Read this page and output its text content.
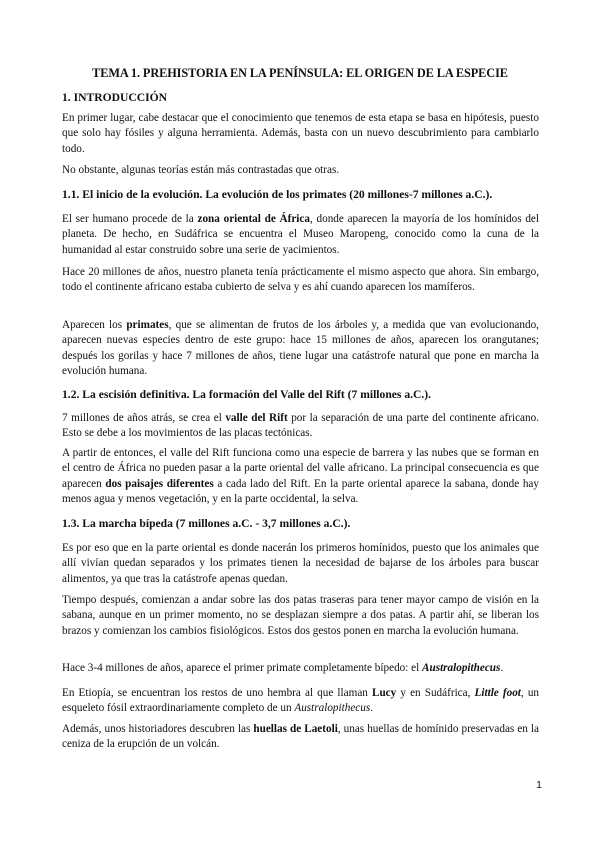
TEMA 1. PREHISTORIA EN LA PENÍNSULA: EL ORIGEN DE LA ESPECIE
1. INTRODUCCIÓN

En primer lugar, cabe destacar que el conocimiento que tenemos de esta etapa se basa en hipótesis, puesto que solo hay fósiles y alguna herramienta. Además, basta con un nuevo descubrimiento para cambiarlo todo.

No obstante, algunas teorías están más contrastadas que otras.

1.1. El inicio de la evolución. La evolución de los primates (20 millones-7 millones a.C.).

El ser humano procede de la zona oriental de África, donde aparecen la mayoría de los homínidos del planeta. De hecho, en Sudáfrica se encuentra el Museo Maropeng, conocido como la cuna de la humanidad al estar construido sobre una serie de yacimientos.

Hace 20 millones de años, nuestro planeta tenía prácticamente el mismo aspecto que ahora. Sin embargo, todo el continente africano estaba cubierto de selva y es ahí cuando aparecen los mamíferos.

Aparecen los primates, que se alimentan de frutos de los árboles y, a medida que van evolucionando, aparecen nuevas especies dentro de este grupo: hace 15 millones de años, aparecen los orangutanes; después los gorilas y hace 7 millones de años, tiene lugar una catástrofe natural que pone en marcha la evolución humana.

1.2. La escisión definitiva. La formación del Valle del Rift (7 millones a.C.).

7 millones de años atrás, se crea el valle del Rift por la separación de una parte del continente africano. Esto se debe a los movimientos de las placas tectónicas.

A partir de entonces, el valle del Rift funciona como una especie de barrera y las nubes que se forman en el centro de África no pueden pasar a la parte oriental del valle africano. La principal consecuencia es que aparecen dos paisajes diferentes a cada lado del Rift. En la parte oriental aparece la sabana, donde hay menos agua y menos vegetación, y en la parte occidental, la selva.

1.3. La marcha bípeda (7 millones a.C. - 3,7 millones a.C.).

Es por eso que en la parte oriental es donde nacerán los primeros homínidos, puesto que los animales que allí vivían quedan separados y los primates tienen la necesidad de bajarse de los árboles para buscar alimentos, ya que tras la catástrofe apenas quedan.

Tiempo después, comienzan a andar sobre las dos patas traseras para tener mayor campo de visión en la sabana, aunque en un primer momento, no se desplazan siempre a dos patas. A partir ahí, se liberan los brazos y comienzan los cambios fisiológicos. Estos dos gestos ponen en marcha la evolución humana.

Hace 3-4 millones de años, aparece el primer primate completamente bípedo: el Australopithecus.

En Etiopía, se encuentran los restos de uno hembra al que llaman Lucy y en Sudáfrica, Little foot, un esqueleto fósil extraordinariamente completo de un Australopithecus.

Además, unos historiadores descubren las huellas de Laetoli, unas huellas de homínido preservadas en la ceniza de la erupción de un volcán.

1
